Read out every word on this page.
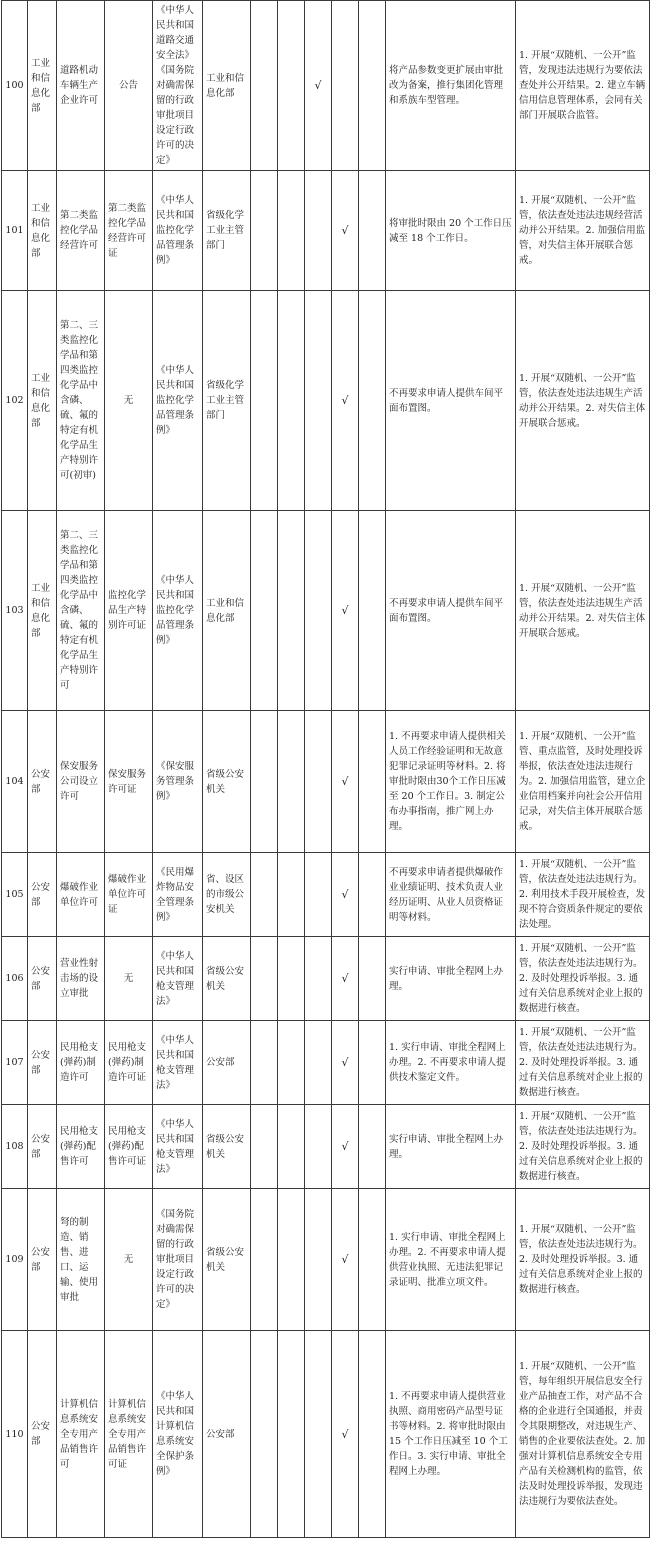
100	工业和信息化部	道路机动车辆生产企业许可	公告	《中华人民共和国道路交通安全法》《国务院对确需保留的行政审批项目设定行政许可的决定》	工业和信息化部			√			将产品参数变更扩展由审批改为备案，推行集团化管理和系族车型管理。	1. 开展“双随机、一公开”监管，发现违法违规行为要依法查处并公开结果。2. 建立车辆信用信息管理体系，会同有关部门开展联合监管。
101	工业和信息化部	第二类监控化学品经营许可	第二类监控化学品经营许可证	《中华人民共和国监控化学品管理条例》	省级化学工业主管部门				√		将审批时限由 20 个工作日压减至 18 个工作日。	1. 开展“双随机、一公开”监管，依法查处违法违规经营活动并公开结果。2. 加强信用监管，对失信主体开展联合惩戒。
102	工业和信息化部	第二、三类监控化学品和第四类监控化学品中含磷、硫、氟的特定有机化学品生产特别许可(初审)	无	《中华人民共和国监控化学品管理条例》	省级化学工业主管部门				√		不再要求申请人提供车间平面布置图。	1. 开展“双随机、一公开”监管，依法查处违法违规生产活动并公开结果。2. 对失信主体开展联合惩戒。
103	工业和信息化部	第二、三类监控化学品和第四类监控化学品中含磷、硫、氟的特定有机化学品生产特别许可	监控化学品生产特别许可证	《中华人民共和国监控化学品管理条例》	工业和信息化部				√		不再要求申请人提供车间平面布置图。	1. 开展“双随机、一公开”监管，依法查处违法违规生产活动并公开结果。2. 对失信主体开展联合惩戒。
104	公安部	保安服务公司设立许可	保安服务许可证	《保安服务管理条例》	省级公安机关				√		1. 不再要求申请人提供相关人员工作经验证明和无故意犯罪记录证明等材料。2. 将审批时限由30个工作日压减至 20 个工作日。3. 制定公布办事指南，推广网上办理。	1. 开展“双随机、一公开”监管、重点监管，及时处理投诉举报，依法查处违法违规行为。2. 加强信用监管，建立企业信用档案并向社会公开信用记录，对失信主体开展联合惩戒。
105	公安部	爆破作业单位许可	爆破作业单位许可证	《民用爆炸物品安全管理条例》	省、设区的市级公安机关				√		不再要求申请者提供爆破作业业绩证明、技术负责人业经历证明、从业人员资格证明等材料。	1. 开展“双随机、一公开”监管，依法查处违法违规行为。2. 利用技术手段开展检查，发现不符合资质条件规定的要依法处理。
106	公安部	营业性射击场的设立审批	无	《中华人民共和国枪支管理法》	省级公安机关				√		实行申请、审批全程网上办理。	1. 开展“双随机、一公开”监管，依法查处违法违规行为。2. 及时处理投诉举报。3. 通过有关信息系统对企业上报的数据进行核查。
107	公安部	民用枪支(弹药)制造许可	民用枪支(弹药)制造许可证	《中华人民共和国枪支管理法》	公安部				√		1. 实行申请、审批全程网上办理。2. 不再要求申请人提供技术鉴定文件。	1. 开展“双随机、一公开”监管，依法查处违法违规行为。2. 及时处理投诉举报。3. 通过有关信息系统对企业上报的数据进行核查。
108	公安部	民用枪支(弹药)配售许可	民用枪支(弹药)配售许可证	《中华人民共和国枪支管理法》	省级公安机关				√		实行申请、审批全程网上办理。	1. 开展“双随机、一公开”监管，依法查处违法违规行为。2. 及时处理投诉举报。3. 通过有关信息系统对企业上报的数据进行核查。
109	公安部	弩的制造、销售、进口、运输、使用审批	无	《国务院对确需保留的行政审批项目设定行政许可的决定》	省级公安机关				√		1. 实行申请、审批全程网上办理。2. 不再要求申请人提供营业执照、无违法犯罪记录证明、批准立项文件。	1. 开展“双随机、一公开”监管，依法查处违法违规行为。2. 及时处理投诉举报。3. 通过有关信息系统对企业上报的数据进行核查。
110	公安部	计算机信息系统安全专用产品销售许可	计算机信息系统安全专用产品销售许可证	《中华人民共和国计算机信息系统安全保护条例》	公安部				√		1. 不再要求申请人提供营业执照、商用密码产品型号证书等材料。2. 将审批时限由 15 个工作日压减至 10 个工作日。3. 实行申请、审批全程网上办理。	1. 开展“双随机、一公开”监管，每年组织开展信息安全行业产品抽查工作，对产品不合格的企业进行全国通报，并责令其限期整改，对违规生产、销售的企业要依法查处。2. 加强对计算机信息系统安全专用产品有关检测机构的监管，依法及时处理投诉举报，发现违法违规行为要依法查处。
